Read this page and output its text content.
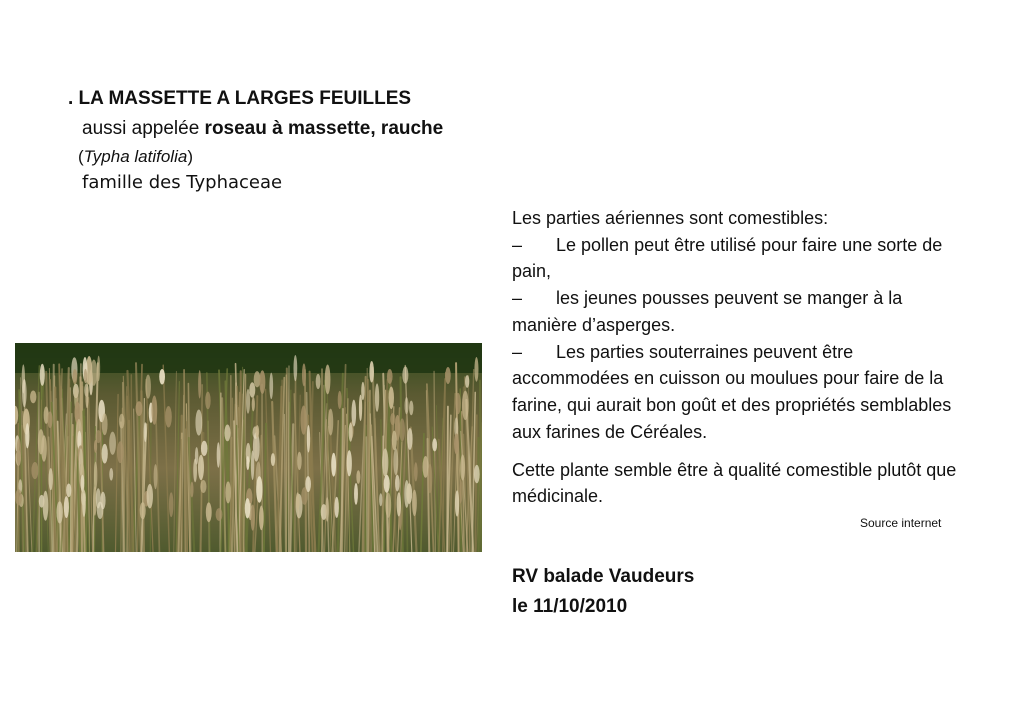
. LA MASSETTE A LARGES FEUILLES
aussi appelée roseau à massette, rauche
(Typha latifolia)
famille des Typhaceae

Les parties aériennes sont comestibles:

– Le pollen peut être utilisé pour faire une sorte de pain,

– les jeunes pousses peuvent se manger à la manière d’asperges.

– Les parties souterraines peuvent être accommodées en cuisson ou moulues pour faire de la farine, qui aurait bon goût et des propriétés semblables aux farines de Céréales.

Cette plante semble être à qualité comestible plutôt que médicinale.

Source internet
RV balade Vaudeurs
le 11/10/2010
